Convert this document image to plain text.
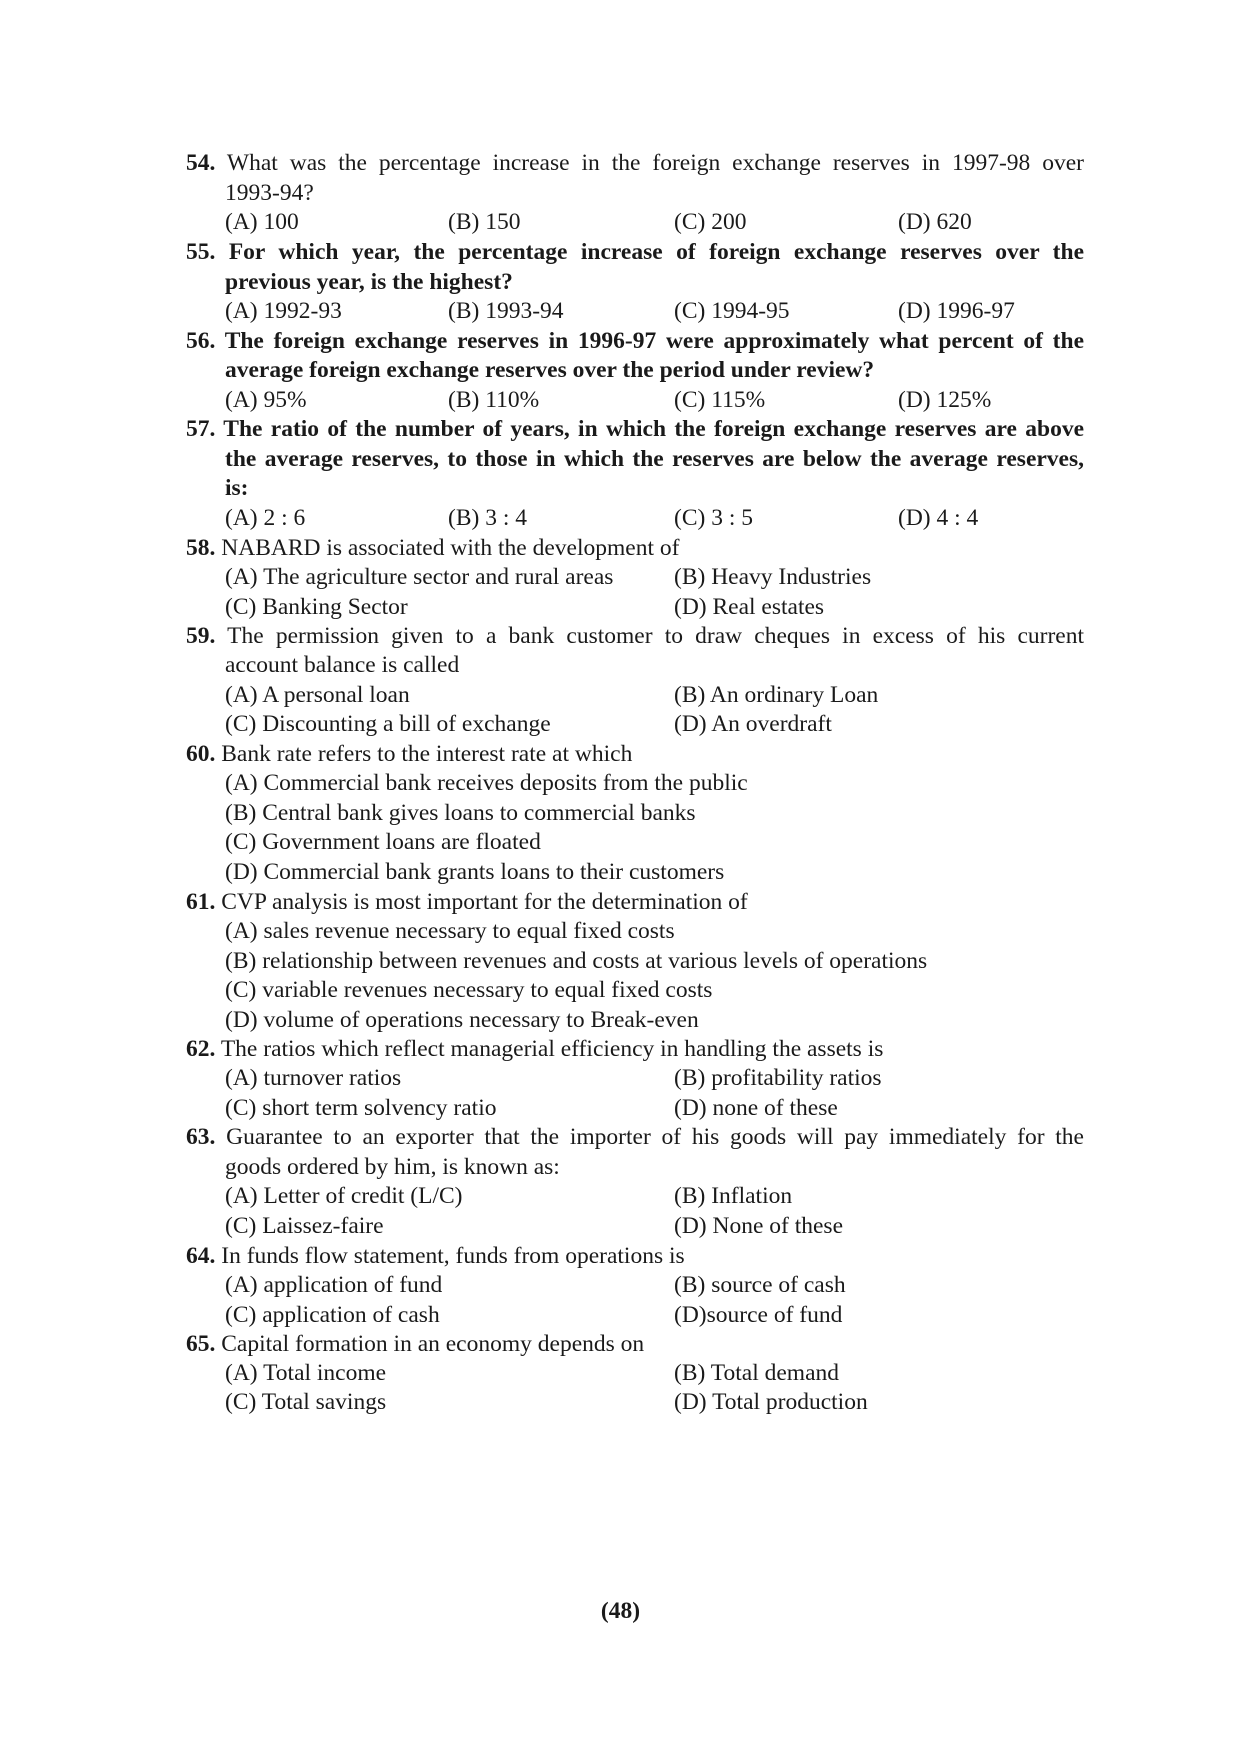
54. What was the percentage increase in the foreign exchange reserves in 1997-98 over
1993-94?
(A) 100	(B) 150	(C) 200	(D) 620
55. For which year, the percentage increase of foreign exchange reserves over the
previous year, is the highest?
(A) 1992-93	(B) 1993-94	(C) 1994-95	(D) 1996-97
56. The foreign exchange reserves in 1996-97 were approximately what percent of the
average foreign exchange reserves over the period under review?
(A) 95%	(B) 110%	(C) 115%	(D) 125%
57. The ratio of the number of years, in which the foreign exchange reserves are above
the average reserves, to those in which the reserves are below the average reserves,
is:
(A) 2 : 6	(B) 3 : 4	(C) 3 : 5	(D) 4 : 4
58. NABARD is associated with the development of
(A) The agriculture sector and rural areas	(B) Heavy Industries
(C) Banking Sector	(D) Real estates
59. The permission given to a bank customer to draw cheques in excess of his current
account balance is called
(A) A personal loan	(B) An ordinary Loan
(C) Discounting a bill of exchange	(D) An overdraft
60. Bank rate refers to the interest rate at which
(A) Commercial bank receives deposits from the public
(B) Central bank gives loans to commercial banks
(C) Government loans are floated
(D) Commercial bank grants loans to their customers
61. CVP analysis is most important for the determination of
(A) sales revenue necessary to equal fixed costs
(B) relationship between revenues and costs at various levels of operations
(C) variable revenues necessary to equal fixed costs
(D) volume of operations necessary to Break-even
62. The ratios which reflect managerial efficiency in handling the assets is
(A) turnover ratios	(B) profitability ratios
(C) short term solvency ratio	(D) none of these
63. Guarantee to an exporter that the importer of his goods will pay immediately for the
goods ordered by him, is known as:
(A) Letter of credit (L/C)	(B) Inflation
(C) Laissez-faire	(D) None of these
64. In funds flow statement, funds from operations is
(A) application of fund	(B) source of cash
(C) application of cash	(D)source of fund
65. Capital formation in an economy depends on
(A) Total income	(B) Total demand
(C) Total savings	(D) Total production
(48)
